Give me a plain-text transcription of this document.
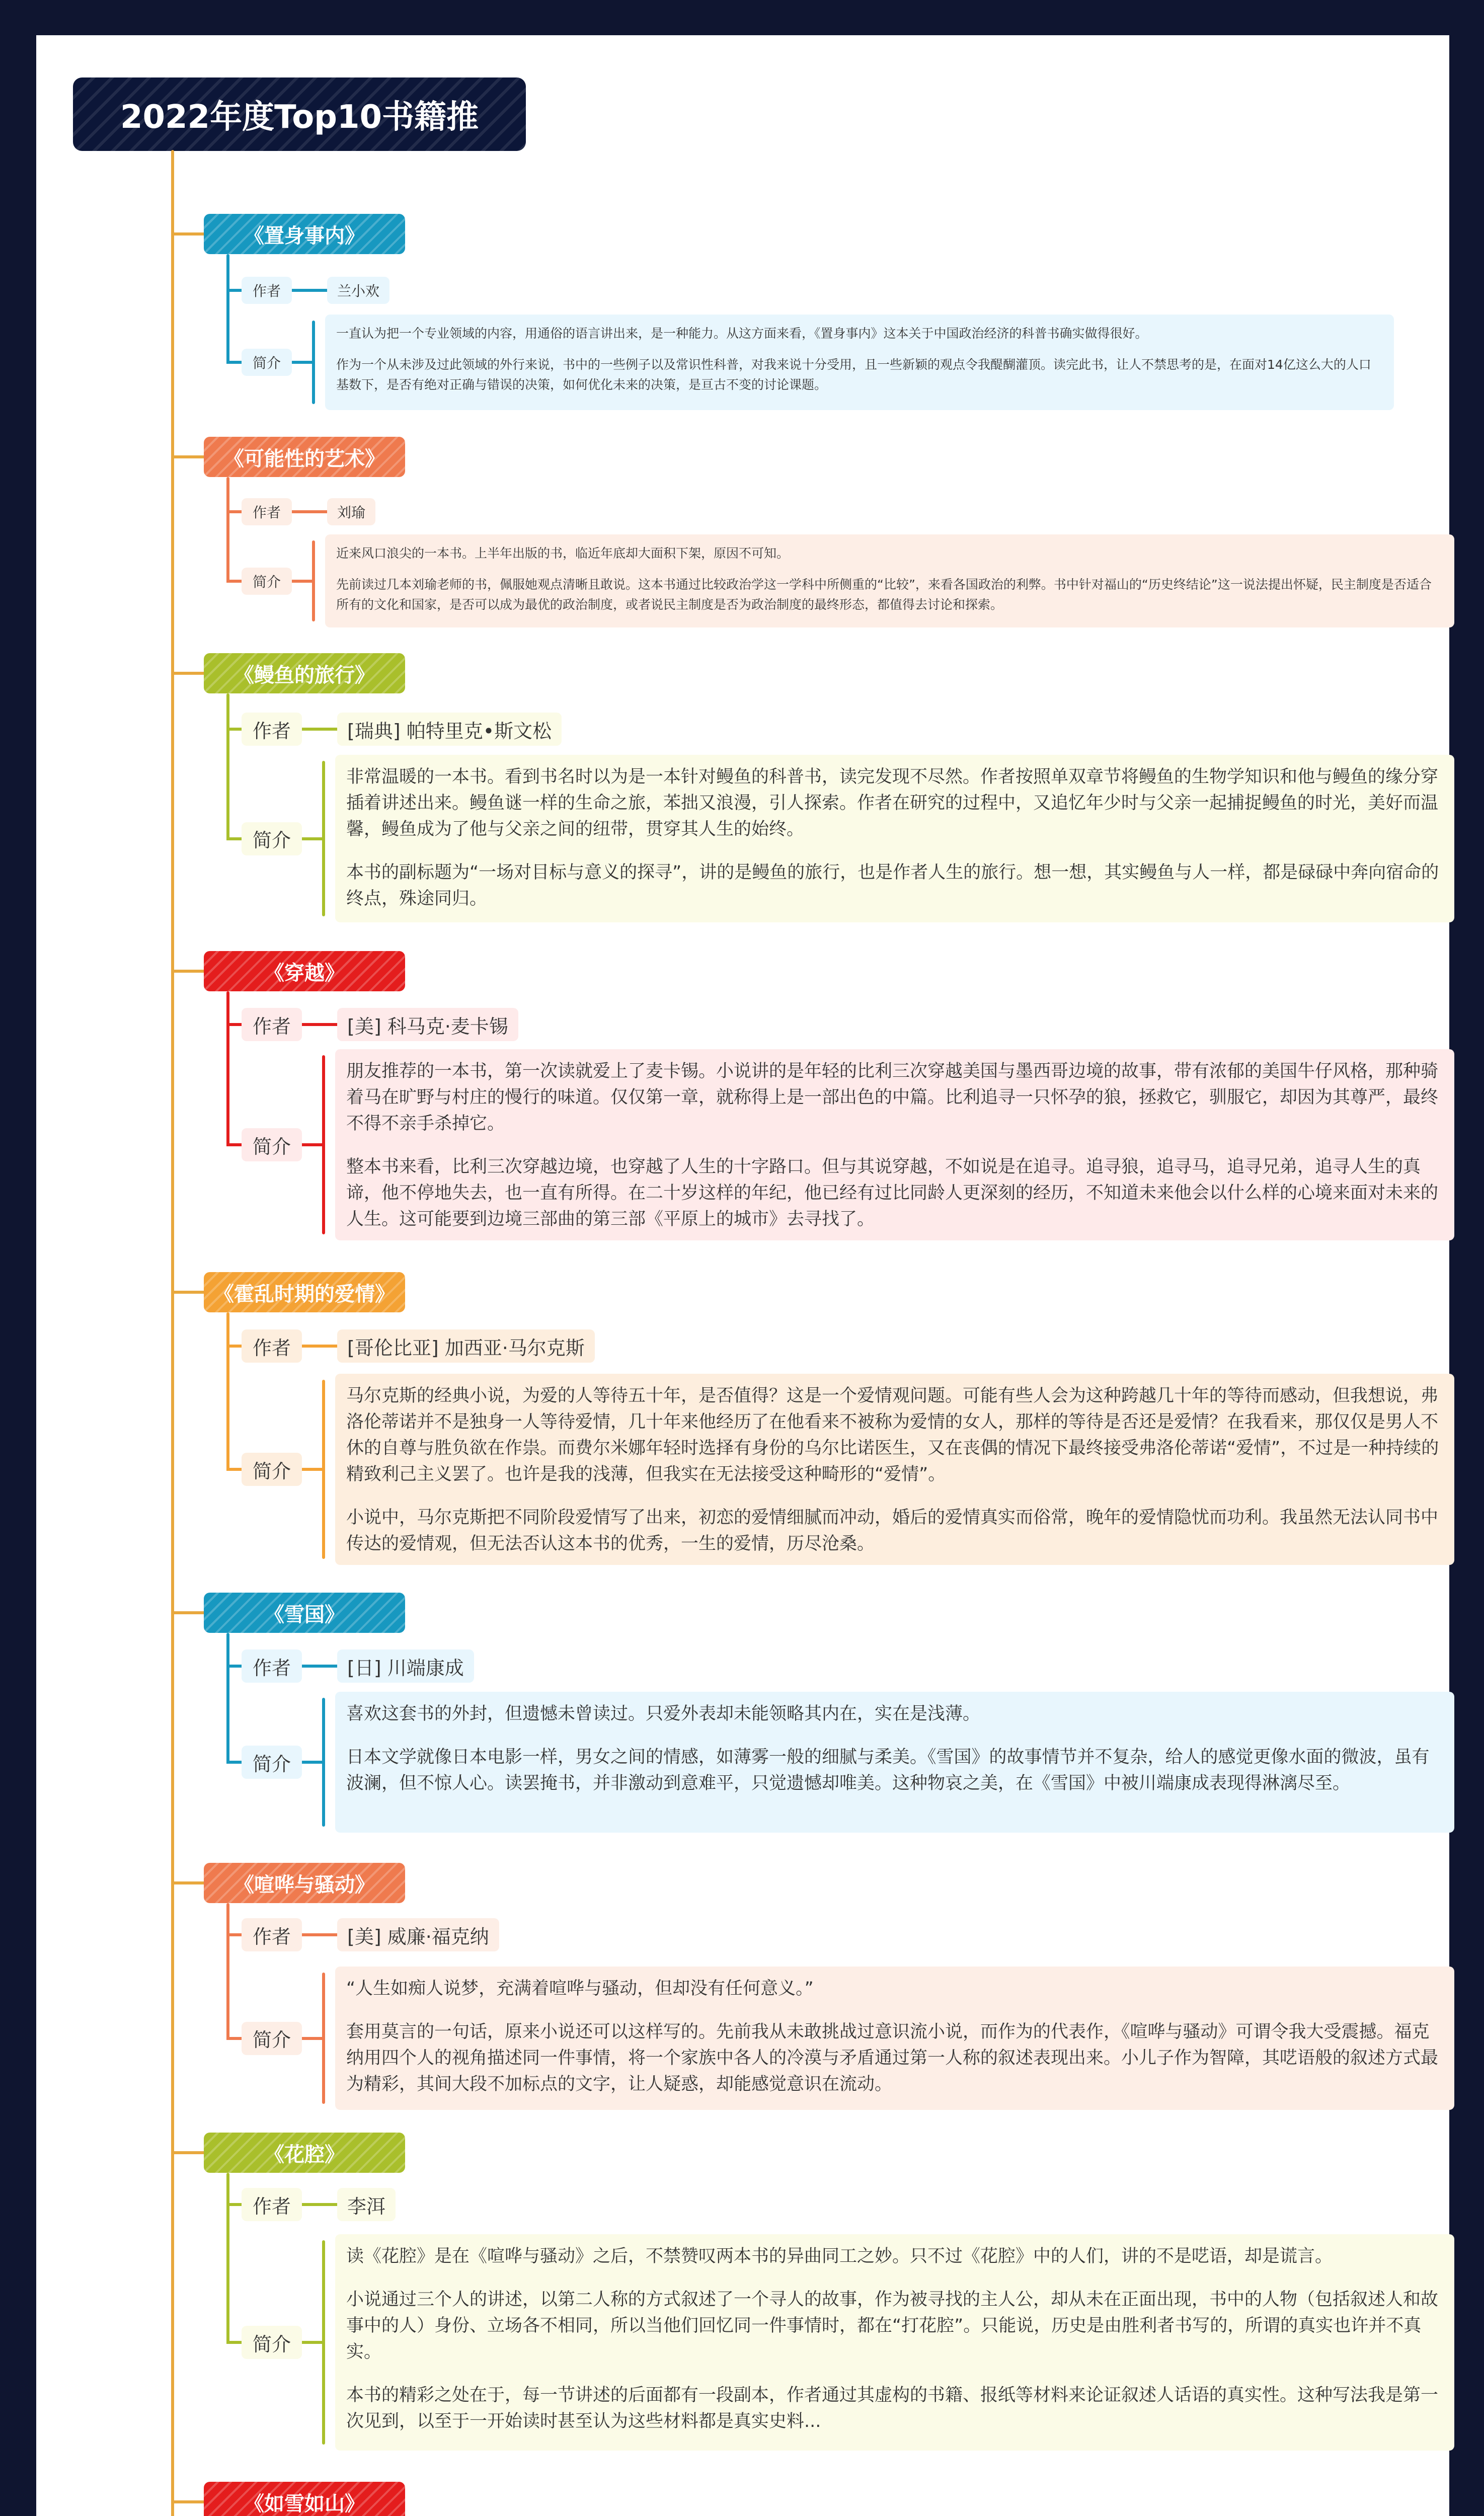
2022年度Top10书籍推
《置身事内》
作者	兰小欢
简介

一直认为把一个专业领域的内容，用通俗的语言讲出来，是一种能力。从这方面来看，《置身事内》这本关于中国政治经济的科普书确实做得很好。

作为一个从未涉及过此领域的外行来说，书中的一些例子以及常识性科普，对我来说十分受用，且一些新颖的观点令我醍醐灌顶。读完此书，让人不禁思考的是，在面对14亿这么大的人口基数下，是否有绝对正确与错误的决策，如何优化未来的决策，是亘古不变的讨论课题。

《可能性的艺术》
作者	刘瑜
简介

近来风口浪尖的一本书。上半年出版的书，临近年底却大面积下架，原因不可知。

先前读过几本刘瑜老师的书，佩服她观点清晰且敢说。这本书通过比较政治学这一学科中所侧重的“比较”，来看各国政治的利弊。书中针对福山的“历史终结论”这一说法提出怀疑，民主制度是否适合所有的文化和国家，是否可以成为最优的政治制度，或者说民主制度是否为政治制度的最终形态，都值得去讨论和探索。

《鳗鱼的旅行》
作者	[瑞典] 帕特里克•斯文松
简介

非常温暖的一本书。看到书名时以为是一本针对鳗鱼的科普书，读完发现不尽然。作者按照单双章节将鳗鱼的生物学知识和他与鳗鱼的缘分穿插着讲述出来。鳗鱼谜一样的生命之旅，苯拙又浪漫，引人探索。作者在研究的过程中，又追忆年少时与父亲一起捕捉鳗鱼的时光，美好而温馨，鳗鱼成为了他与父亲之间的纽带，贯穿其人生的始终。

本书的副标题为“一场对目标与意义的探寻”，讲的是鳗鱼的旅行，也是作者人生的旅行。想一想，其实鳗鱼与人一样，都是碌碌中奔向宿命的终点，殊途同归。

《穿越》
作者	[美] 科马克·麦卡锡
简介

朋友推荐的一本书，第一次读就爱上了麦卡锡。小说讲的是年轻的比利三次穿越美国与墨西哥边境的故事，带有浓郁的美国牛仔风格，那种骑着马在旷野与村庄的慢行的味道。仅仅第一章，就称得上是一部出色的中篇。比利追寻一只怀孕的狼，拯救它，驯服它，却因为其尊严，最终不得不亲手杀掉它。

整本书来看，比利三次穿越边境，也穿越了人生的十字路口。但与其说穿越，不如说是在追寻。追寻狼，追寻马，追寻兄弟，追寻人生的真谛，他不停地失去，也一直有所得。在二十岁这样的年纪，他已经有过比同龄人更深刻的经历，不知道未来他会以什么样的心境来面对未来的人生。这可能要到边境三部曲的第三部《平原上的城市》去寻找了。

《霍乱时期的爱情》
作者	[哥伦比亚] 加西亚·马尔克斯
简介

马尔克斯的经典小说，为爱的人等待五十年，是否值得？这是一个爱情观问题。可能有些人会为这种跨越几十年的等待而感动，但我想说，弗洛伦蒂诺并不是独身一人等待爱情，几十年来他经历了在他看来不被称为爱情的女人，那样的等待是否还是爱情？在我看来，那仅仅是男人不休的自尊与胜负欲在作祟。而费尔米娜年轻时选择有身份的乌尔比诺医生，又在丧偶的情况下最终接受弗洛伦蒂诺“爱情”，不过是一种持续的精致利己主义罢了。也许是我的浅薄，但我实在无法接受这种畸形的“爱情”。

小说中，马尔克斯把不同阶段爱情写了出来，初恋的爱情细腻而冲动，婚后的爱情真实而俗常，晚年的爱情隐忧而功利。我虽然无法认同书中传达的爱情观，但无法否认这本书的优秀，一生的爱情，历尽沧桑。

《雪国》
作者	[日] 川端康成
简介

喜欢这套书的外封，但遗憾未曾读过。只爱外表却未能领略其内在，实在是浅薄。

日本文学就像日本电影一样，男女之间的情感，如薄雾一般的细腻与柔美。《雪国》的故事情节并不复杂，给人的感觉更像水面的微波，虽有波澜，但不惊人心。读罢掩书，并非激动到意难平，只觉遗憾却唯美。这种物哀之美，在《雪国》中被川端康成表现得淋漓尽至。

《喧哗与骚动》
作者	[美] 威廉·福克纳
简介

“人生如痴人说梦，充满着喧哗与骚动，但却没有任何意义。”

套用莫言的一句话，原来小说还可以这样写的。先前我从未敢挑战过意识流小说，而作为的代表作，《喧哗与骚动》可谓令我大受震撼。福克纳用四个人的视角描述同一件事情，将一个家族中各人的冷漠与矛盾通过第一人称的叙述表现出来。小儿子作为智障，其呓语般的叙述方式最为精彩，其间大段不加标点的文字，让人疑惑，却能感觉意识在流动。

《花腔》
作者	李洱
简介

读《花腔》是在《喧哗与骚动》之后，不禁赞叹两本书的异曲同工之妙。只不过《花腔》中的人们，讲的不是呓语，却是谎言。

小说通过三个人的讲述，以第二人称的方式叙述了一个寻人的故事，作为被寻找的主人公，却从未在正面出现，书中的人物（包括叙述人和故事中的人）身份、立场各不相同，所以当他们回忆同一件事情时，都在“打花腔”。只能说，历史是由胜利者书写的，所谓的真实也许并不真实。

本书的精彩之处在于，每一节讲述的后面都有一段副本，作者通过其虚构的书籍、报纸等材料来论证叙述人话语的真实性。这种写法我是第一次见到，以至于一开始读时甚至认为这些材料都是真实史料...

《如雪如山》
